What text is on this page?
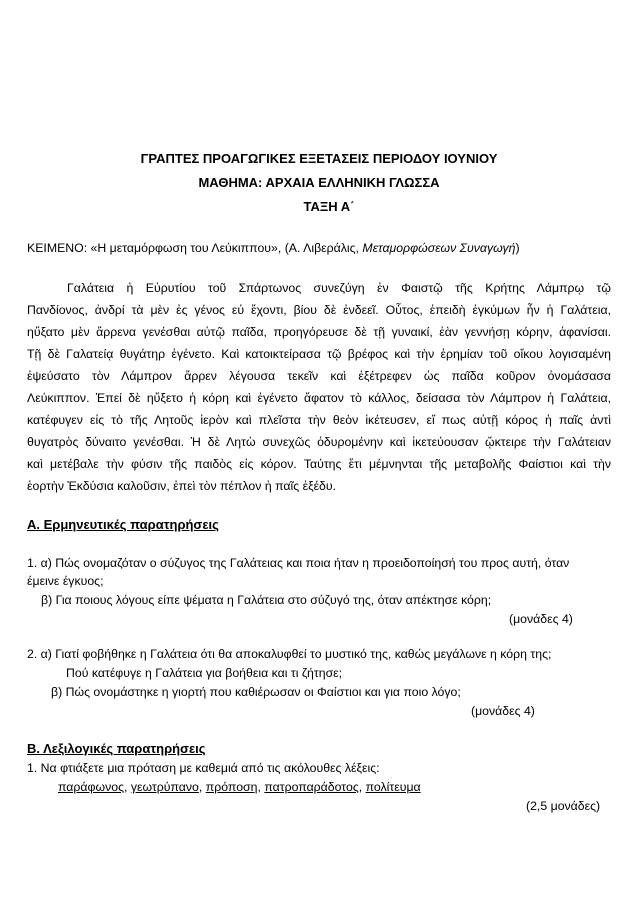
ΓΡΑΠΤΕΣ ΠΡΟΑΓΩΓΙΚΕΣ ΕΞΕΤΑΣΕΙΣ ΠΕΡΙΟΔΟΥ ΙΟΥΝΙΟΥ
ΜΑΘΗΜΑ: ΑΡΧΑΙΑ ΕΛΛΗΝΙΚΗ ΓΛΩΣΣΑ
ΤΑΞΗ Α΄
ΚΕΙΜΕΝΟ: «Η μεταμόρφωση του Λεύκιππου», (Α. Λιβεράλις, Μεταμορφώσεων Συναγωγή)
Γαλάτεια ἡ Εὐρυτίου τοῦ Σπάρτωνος συνεζύγη ἐν Φαιστῷ τῆς Κρήτης Λάμπρῳ τῷ
Πανδίονος, ἀνδρί τὰ μὲν ἐς γένος εὐ ἔχοντι, βίου δὲ ἐνδεεῖ. Οὗτος, ἐπειδὴ ἐγκύμων ἦν ἡ Γαλάτεια,
ηὔξατο μὲν ἄρρενα γενέσθαι αὐτῷ παῖδα, προηγόρευσε δὲ τῇ γυναικί, ἐὰν γεννήσῃ κόρην, ἀφανίσαι.
Τῇ δὲ Γαλατείᾳ θυγάτηρ ἐγένετο. Καὶ κατοικτείρασα τῷ βρέφος καὶ τὴν ἐρημίαν τοῦ οἴκου λογισαμένη
ἐψεύσατο τὸν Λάμπρον ἄρρεν λέγουσα τεκεῖν καὶ ἐξέτρεφεν ὡς παῖδα κοῦρον ὀνομάσασα
Λεύκιππον. Ἐπεί δὲ ηὔξετο ἡ κόρη καὶ ἐγένετο ἄφατον τὸ κάλλος, δείσασα τὸν Λάμπρον ἡ Γαλάτεια,
κατέφυγεν εἰς τὸ τῆς Λητοῦς ἱερὸν καὶ πλεῖστα τὴν θεὸν ἱκέτευσεν, εἴ πως αὐτῇ κόρος ἡ παῖς ἀντὶ
θυγατρὸς δύναιτο γενέσθαι. Ἡ δὲ Λητὼ συνεχῶς ὀδυρομένην καὶ ἱκετεύουσαν ᾤκτειρε τὴν Γαλάτειαν
καὶ μετέβαλε τὴν φύσιν τῆς παιδὸς εἰς κόρον. Ταύτης ἔτι μέμνηνται τῆς μεταβολῆς Φαίστιοι καὶ τὴν
ἑορτὴν Ἐκδύσια καλοῦσιν, ἐπεὶ τὸν πέπλον ἡ παῖς ἐξέδυ.
Α. Ερμηνευτικές παρατηρήσεις
1. α) Πώς ονομαζόταν ο σύζυγος της Γαλάτειας και ποια ήταν η προειδοποίησή του προς αυτή, όταν
έμεινε έγκυος;
β) Για ποιους λόγους είπε ψέματα η Γαλάτεια στο σύζυγό της, όταν απέκτησε κόρη;
(μονάδες 4)
2. α) Γιατί φοβήθηκε η Γαλάτεια ότι θα αποκαλυφθεί το μυστικό της, καθώς μεγάλωνε η κόρη της;
Πού κατέφυγε η Γαλάτεια για βοήθεια και τι ζήτησε;
β) Πώς ονομάστηκε η γιορτή που καθιέρωσαν οι Φαίστιοι και για ποιο λόγο;
(μονάδες 4)
Β. Λεξιλογικές παρατηρήσεις
1. Να φτιάξετε μια πρόταση με καθεμιά από τις ακόλουθες λέξεις:
παράφωνος, γεωτρύπανο, πρόποση, πατροπαράδοτος, πολίτευμα
(2,5 μονάδες)
